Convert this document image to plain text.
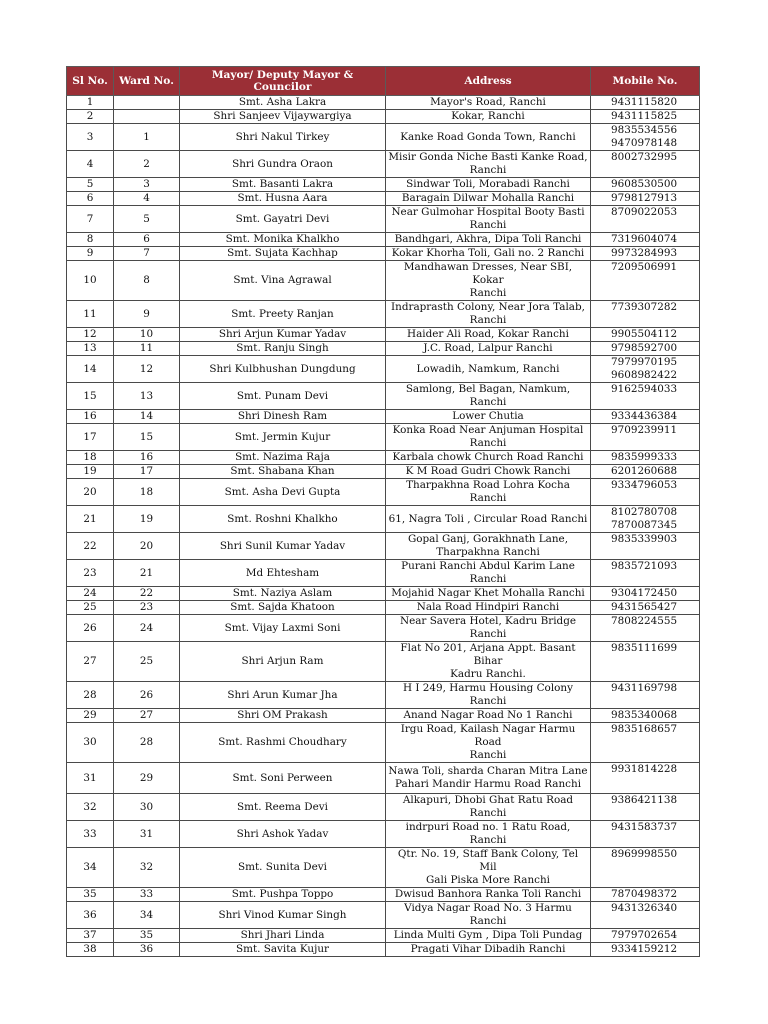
Sl No.	Ward No.	Mayor/ Deputy Mayor & Councilor	Address	Mobile No.
1		Smt. Asha Lakra	Mayor's Road, Ranchi	9431115820

2		Shri Sanjeev Vijaywargiya	Kokar, Ranchi	9431115825

3	1	Shri Nakul Tirkey	Kanke Road Gonda Town, Ranchi	9835534556
9470978148

4	2	Shri Gundra Oraon	Misir Gonda Niche Basti Kanke Road,
Ranchi	8002732995

5	3	Smt. Basanti Lakra	Sindwar Toli, Morabadi Ranchi	9608530500

6	4	Smt. Husna Aara	Baragain Dilwar Mohalla Ranchi	9798127913

7	5	Smt. Gayatri Devi	Near Gulmohar Hospital Booty Basti
Ranchi	8709022053

8	6	Smt. Monika Khalkho	Bandhgari, Akhra, Dipa Toli Ranchi	7319604074

9	7	Smt. Sujata Kachhap	Kokar Khorha Toli, Gali no. 2 Ranchi	9973284993

10	8	Smt. Vina Agrawal	Mandhawan Dresses, Near SBI, Kokar
Ranchi	7209506991

11	9	Smt. Preety Ranjan	Indraprasth Colony, Near Jora Talab,
Ranchi	7739307282

12	10	Shri Arjun Kumar Yadav	Haider Ali Road, Kokar Ranchi	9905504112

13	11	Smt. Ranju Singh	J.C. Road, Lalpur Ranchi	9798592700

14	12	Shri Kulbhushan Dungdung	Lowadih, Namkum, Ranchi	7979970195
9608982422

15	13	Smt. Punam Devi	Samlong, Bel Bagan, Namkum, Ranchi	9162594033

16	14	Shri Dinesh Ram	Lower Chutia	9334436384

17	15	Smt. Jermin Kujur	Konka Road Near Anjuman Hospital
Ranchi	9709239911

18	16	Smt. Nazima Raja	Karbala chowk Church Road Ranchi	9835999333

19	17	Smt. Shabana Khan	K M Road Gudri Chowk Ranchi	6201260688

20	18	Smt. Asha Devi Gupta	Tharpakhna Road Lohra Kocha Ranchi	9334796053

21	19	Smt. Roshni Khalkho	61, Nagra Toli , Circular Road Ranchi	8102780708
7870087345

22	20	Shri Sunil Kumar Yadav	Gopal Ganj, Gorakhnath Lane,
Tharpakhna Ranchi	9835339903

23	21	Md Ehtesham	Purani Ranchi Abdul Karim Lane
Ranchi	9835721093

24	22	Smt. Naziya Aslam	Mojahid Nagar Khet Mohalla Ranchi	9304172450

25	23	Smt. Sajda Khatoon	Nala Road Hindpiri Ranchi	9431565427

26	24	Smt. Vijay Laxmi Soni	Near Savera Hotel, Kadru Bridge
Ranchi	7808224555

27	25	Shri Arjun Ram	Flat No 201, Arjana Appt. Basant Bihar
Kadru Ranchi.	9835111699

28	26	Shri Arun Kumar Jha	H I 249, Harmu Housing Colony Ranchi	9431169798

29	27	Shri OM Prakash	Anand Nagar Road No 1 Ranchi	9835340068

30	28	Smt. Rashmi Choudhary	Irgu Road, Kailash Nagar Harmu Road
Ranchi	9835168657

31	29	Smt. Soni Perween	Nawa Toli, sharda Charan Mitra Lane
Pahari Mandir Harmu Road Ranchi	9931814228

32	30	Smt. Reema Devi	Alkapuri, Dhobi Ghat Ratu Road Ranchi	9386421138

33	31	Shri Ashok Yadav	indrpuri Road no. 1 Ratu Road, Ranchi	9431583737

34	32	Smt. Sunita Devi	Qtr. No. 19, Staff Bank Colony, Tel Mil
Gali Piska More Ranchi	8969998550

35	33	Smt. Pushpa Toppo	Dwisud Banhora Ranka Toli Ranchi	7870498372

36	34	Shri Vinod Kumar Singh	Vidya Nagar Road No. 3 Harmu Ranchi	9431326340

37	35	Shri Jhari Linda	Linda Multi Gym , Dipa Toli Pundag	7979702654

38	36	Smt. Savita Kujur	Pragati Vihar Dibadih Ranchi	9334159212
